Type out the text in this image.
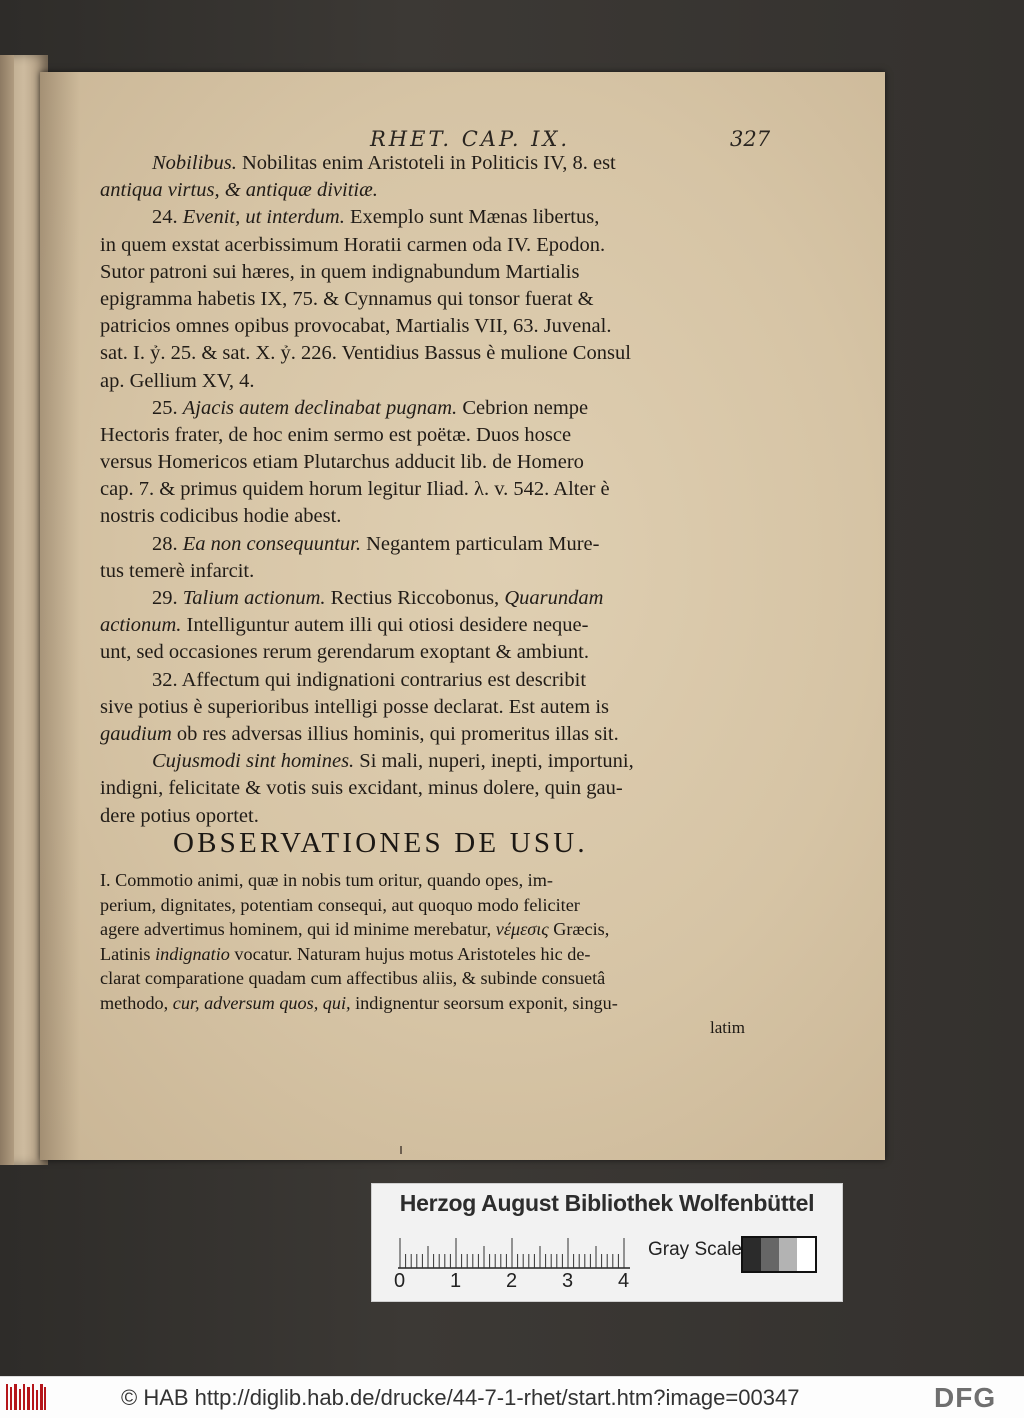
RHET. CAP. IX.	327
Nobilibus. Nobilitas enim Aristoteli in Politicis IV, 8. est
antiqua virtus, & antiquæ divitiæ.
24. Evenit, ut interdum. Exemplo sunt Mænas libertus,
in quem exstat acerbissimum Horatii carmen oda IV. Epodon.
Sutor patroni sui hæres, in quem indignabundum Martialis
epigramma habetis IX, 75. & Cynnamus qui tonsor fuerat &
patricios omnes opibus provocabat, Martialis VII, 63. Juvenal.
sat. I. ỷ. 25. & sat. X. ỷ. 226. Ventidius Bassus è mulione Consul
ap. Gellium XV, 4.
25. Ajacis autem declinabat pugnam. Cebrion nempe
Hectoris frater, de hoc enim sermo est poëtæ. Duos hosce
versus Homericos etiam Plutarchus adducit lib. de Homero
cap. 7. & primus quidem horum legitur Iliad. λ. v. 542. Alter è
nostris codicibus hodie abest.
28. Ea non consequuntur. Negantem particulam Mure-
tus temerè infarcit.
29. Talium actionum. Rectius Riccobonus, Quarundam
actionum. Intelliguntur autem illi qui otiosi desidere neque-
unt, sed occasiones rerum gerendarum exoptant & ambiunt.
32. Affectum qui indignationi contrarius est describit
sive potius è superioribus intelligi posse declarat. Est autem is
gaudium ob res adversas illius hominis, qui promeritus illas sit.
Cujusmodi sint homines. Si mali, nuperi, inepti, importuni,
indigni, felicitate & votis suis excidant, minus dolere, quin gau-
dere potius oportet.
OBSERVATIONES DE USU.
I. Commotio animi, quæ in nobis tum oritur, quando opes, im-
perium, dignitates, potentiam consequi, aut quoquo modo feliciter
agere advertimus hominem, qui id minime merebatur, νέμεσις Græcis,
Latinis indignatio vocatur. Naturam hujus motus Aristoteles hic de-
clarat comparatione quadam cum affectibus aliis, & subinde consuetâ
methodo, cur, adversum quos, qui, indignentur seorsum exponit, singu-
latim
Herzog August Bibliothek Wolfenbüttel
0 1 2 3 4
Gray Scale
© HAB http://diglib.hab.de/drucke/44-7-1-rhet/start.htm?image=00347	DFG
